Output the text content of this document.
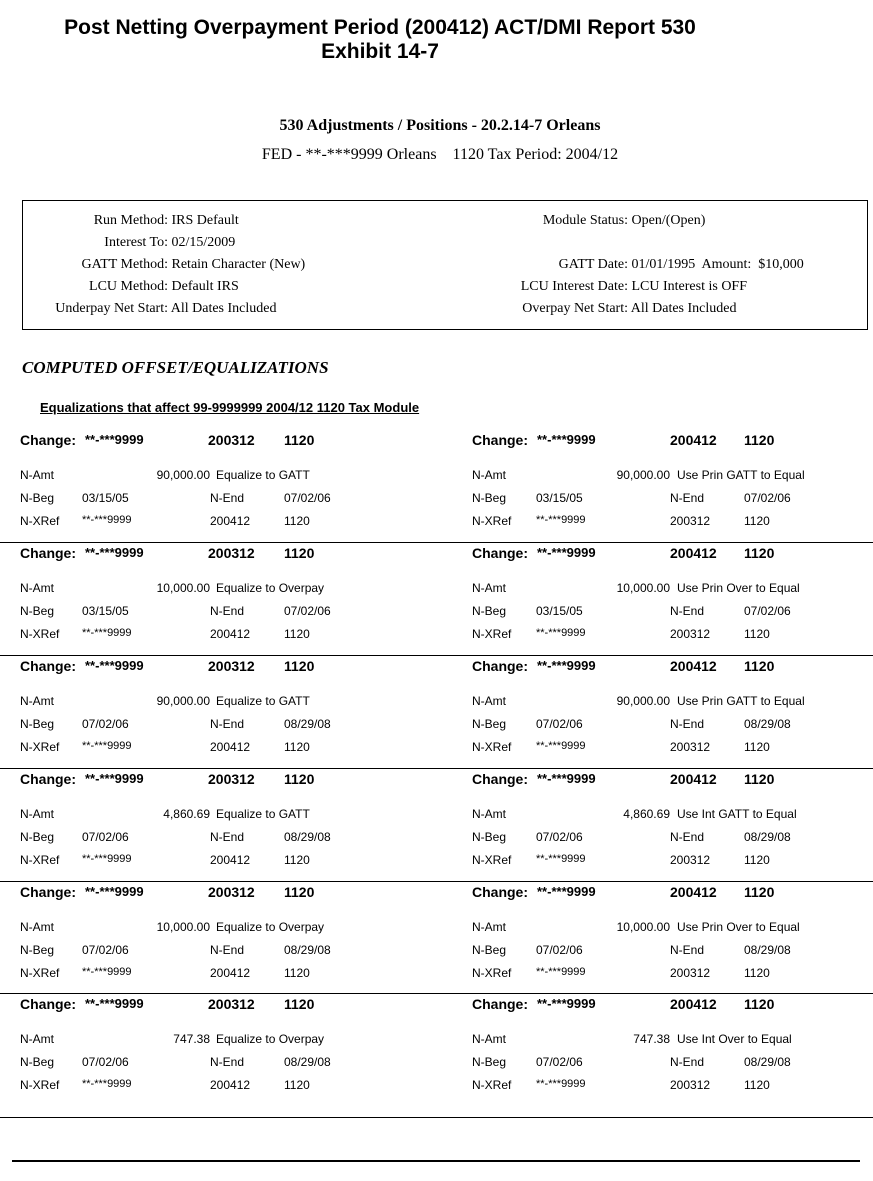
Post Netting Overpayment Period (200412) ACT/DMI Report 530
Exhibit 14-7
530 Adjustments / Positions - 20.2.14-7 Orleans
FED - **-***9999 Orleans    1120 Tax Period: 2004/12
Run Method: IRS Default
Interest To: 02/15/2009
GATT Method: Retain Character (New)
LCU Method: Default IRS
Underpay Net Start: All Dates Included
Module Status: Open/(Open)
GATT Date: 01/01/1995  Amount:  $10,000
LCU Interest Date: LCU Interest is OFF
Overpay Net Start: All Dates Included
COMPUTED OFFSET/EQUALIZATIONS
Equalizations that affect 99-9999999 2004/12 1120 Tax Module
Change: **-***9999	200312 1120
N-Amt	90,000.00 Equalize to GATT
N-Beg 03/15/05	N-End	07/02/06
N-XRef **-***9999	200412	1120
Change: **-***9999	200412 1120
N-Amt	90,000.00 Use Prin GATT to Equal
N-Beg 03/15/05	N-End	07/02/06
N-XRef **-***9999	200312	1120
Change: **-***9999	200312 1120
N-Amt	10,000.00 Equalize to Overpay
N-Beg 03/15/05	N-End	07/02/06
N-XRef **-***9999	200412	1120
Change: **-***9999	200412 1120
N-Amt	10,000.00 Use Prin Over to Equal
N-Beg 03/15/05	N-End	07/02/06
N-XRef **-***9999	200312	1120
Change: **-***9999	200312 1120
N-Amt	90,000.00 Equalize to GATT
N-Beg 07/02/06	N-End	08/29/08
N-XRef **-***9999	200412	1120
Change: **-***9999	200412 1120
N-Amt	90,000.00 Use Prin GATT to Equal
N-Beg 07/02/06	N-End	08/29/08
N-XRef **-***9999	200312	1120
Change: **-***9999	200312 1120
N-Amt	4,860.69 Equalize to GATT
N-Beg 07/02/06	N-End	08/29/08
N-XRef **-***9999	200412	1120
Change: **-***9999	200412 1120
N-Amt	4,860.69 Use Int GATT to Equal
N-Beg 07/02/06	N-End	08/29/08
N-XRef **-***9999	200312	1120
Change: **-***9999	200312 1120
N-Amt	10,000.00 Equalize to Overpay
N-Beg 07/02/06	N-End	08/29/08
N-XRef **-***9999	200412	1120
Change: **-***9999	200412 1120
N-Amt	10,000.00 Use Prin Over to Equal
N-Beg 07/02/06	N-End	08/29/08
N-XRef **-***9999	200312	1120
Change: **-***9999	200312 1120
N-Amt	747.38 Equalize to Overpay
N-Beg 07/02/06	N-End	08/29/08
N-XRef **-***9999	200412	1120
Change: **-***9999	200412 1120
N-Amt	747.38 Use Int Over to Equal
N-Beg 07/02/06	N-End	08/29/08
N-XRef **-***9999	200312	1120
